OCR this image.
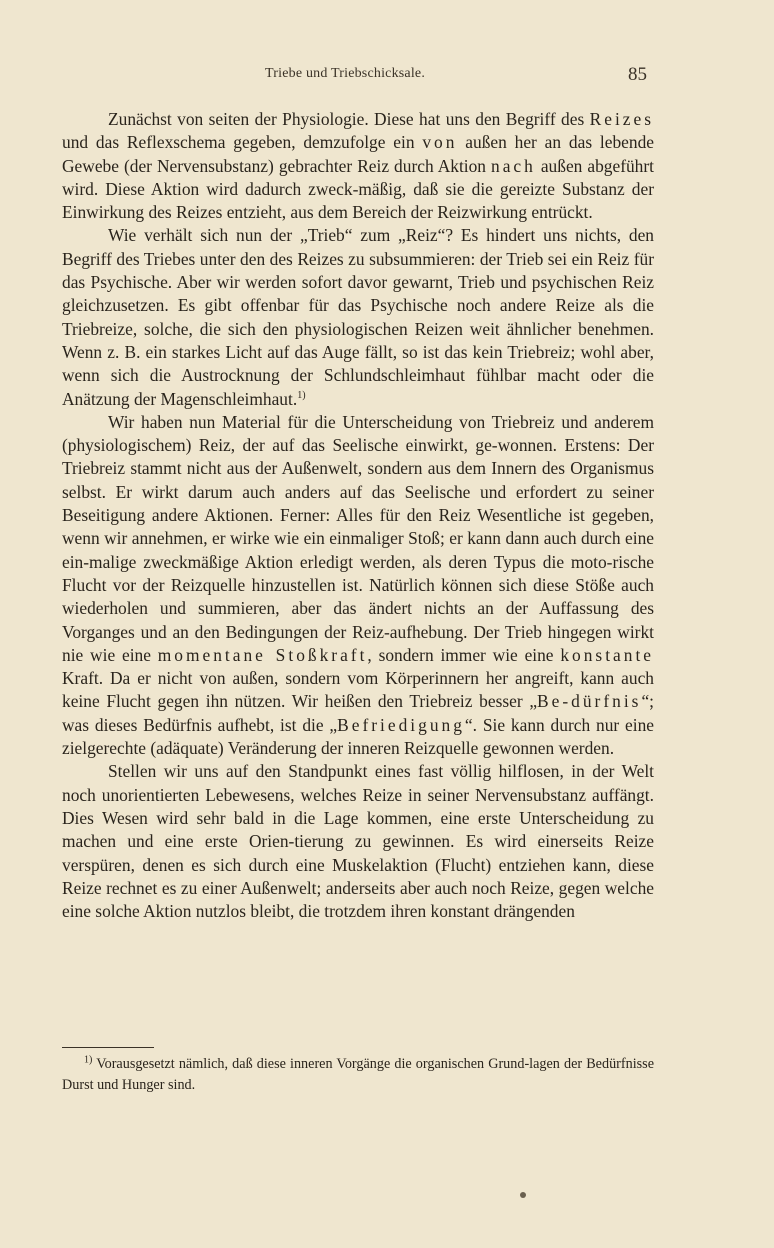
Triebe und Triebschicksale.	85

Zunächst von seiten der Physiologie. Diese hat uns den Begriff des Reizes und das Reflexschema gegeben, demzufolge ein von außen her an das lebende Gewebe (der Nervensubstanz) gebrachter Reiz durch Aktion nach außen abgeführt wird. Diese Aktion wird dadurch zweck-mäßig, daß sie die gereizte Substanz der Einwirkung des Reizes entzieht, aus dem Bereich der Reizwirkung entrückt.

Wie verhält sich nun der „Trieb“ zum „Reiz“? Es hindert uns nichts, den Begriff des Triebes unter den des Reizes zu subsummieren: der Trieb sei ein Reiz für das Psychische. Aber wir werden sofort davor gewarnt, Trieb und psychischen Reiz gleichzusetzen. Es gibt offenbar für das Psychische noch andere Reize als die Triebreize, solche, die sich den physiologischen Reizen weit ähnlicher benehmen. Wenn z. B. ein starkes Licht auf das Auge fällt, so ist das kein Triebreiz; wohl aber, wenn sich die Austrocknung der Schlundschleimhaut fühlbar macht oder die Anätzung der Magenschleimhaut.$^{1)}$

Wir haben nun Material für die Unterscheidung von Triebreiz und anderem (physiologischem) Reiz, der auf das Seelische einwirkt, ge-wonnen. Erstens: Der Triebreiz stammt nicht aus der Außenwelt, sondern aus dem Innern des Organismus selbst. Er wirkt darum auch anders auf das Seelische und erfordert zu seiner Beseitigung andere Aktionen. Ferner: Alles für den Reiz Wesentliche ist gegeben, wenn wir annehmen, er wirke wie ein einmaliger Stoß; er kann dann auch durch eine ein-malige zweckmäßige Aktion erledigt werden, als deren Typus die moto-rische Flucht vor der Reizquelle hinzustellen ist. Natürlich können sich diese Stöße auch wiederholen und summieren, aber das ändert nichts an der Auffassung des Vorganges und an den Bedingungen der Reiz-aufhebung. Der Trieb hingegen wirkt nie wie eine momentane Stoßkraft, sondern immer wie eine konstante Kraft. Da er nicht von außen, sondern vom Körperinnern her angreift, kann auch keine Flucht gegen ihn nützen. Wir heißen den Triebreiz besser „Be-dürfnis“; was dieses Bedürfnis aufhebt, ist die „Befriedigung“. Sie kann durch nur eine zielgerechte (adäquate) Veränderung der inneren Reizquelle gewonnen werden.

Stellen wir uns auf den Standpunkt eines fast völlig hilflosen, in der Welt noch unorientierten Lebewesens, welches Reize in seiner Nervensubstanz auffängt. Dies Wesen wird sehr bald in die Lage kommen, eine erste Unterscheidung zu machen und eine erste Orien-tierung zu gewinnen. Es wird einerseits Reize verspüren, denen es sich durch eine Muskelaktion (Flucht) entziehen kann, diese Reize rechnet es zu einer Außenwelt; anderseits aber auch noch Reize, gegen welche eine solche Aktion nutzlos bleibt, die trotzdem ihren konstant drängenden

$^{1)}$ Vorausgesetzt nämlich, daß diese inneren Vorgänge die organischen Grund-lagen der Bedürfnisse Durst und Hunger sind.
